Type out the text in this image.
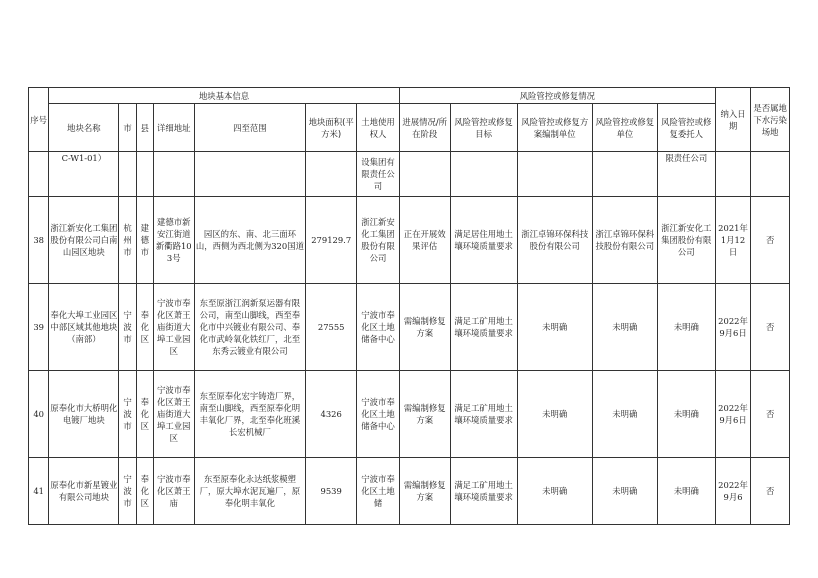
序号	地块基本信息							风险管控或修复情况					纳入日期	是否属地下水污染场地
	地块名称	市	县	详细地址	四至范围	地块面积(平方米)	土地使用权人	进展情况/所在阶段	风险管控或修复目标	风险管控或修复方案编制单位	风险管控或修复单位	风险管控或修复委托人		
	C-W1-01）						设集团有限责任公司					限责任公司		
38	浙江新安化工集团股份有限公司白南山园区地块	杭州市	建德市	建德市新安江街道新衢路103号	园区的东、南、北三面环山，西侧为西北侧为320国道	279129.7	浙江新安化工集团股份有限公司	正在开展效果评估	满足居住用地土壤环境质量要求	浙江卓锦环保科技股份有限公司	浙江卓锦环保科技股份有限公司	浙江新安化工集团股份有限公司	2021年1月12日	否
39	奉化大埠工业园区中部区域其他地块（南部）	宁波市	奉化区	宁波市奉化区萧王庙街道大埠工业园区	东至原浙江润新泵运器有限公司，南至山脚线，西至奉化市中兴镀业有限公司、奉化市武岭氧化铁红厂，北至东秀云镀业有限公司	27555	宁波市奉化区土地储备中心	需编制修复方案	满足工矿用地土壤环境质量要求	未明确	未明确	未明确	2022年9月6日	否
40	原奉化市大桥明化电镀厂地块	宁波市	奉化区	宁波市奉化区萧王庙街道大埠工业园区	东至原奉化宏宇铸造厂界，南至山脚线，西至原奉化明丰氧化厂界，北至奉化班溪长宏机械厂	4326	宁波市奉化区土地储备中心	需编制修复方案	满足工矿用地土壤环境质量要求	未明确	未明确	未明确	2022年9月6日	否
41	原奉化市新星镀业有限公司地块	宁波市	奉化区	宁波市奉化区萧王庙	东至原奉化永达纸浆模塑厂，原大埠水泥瓦遍厂，原奉化明丰氧化	9539	宁波市奉化区土地储	需编制修复方案	满足工矿用地土壤环境质量要求	未明确	未明确	未明确	2022年9月6	否
